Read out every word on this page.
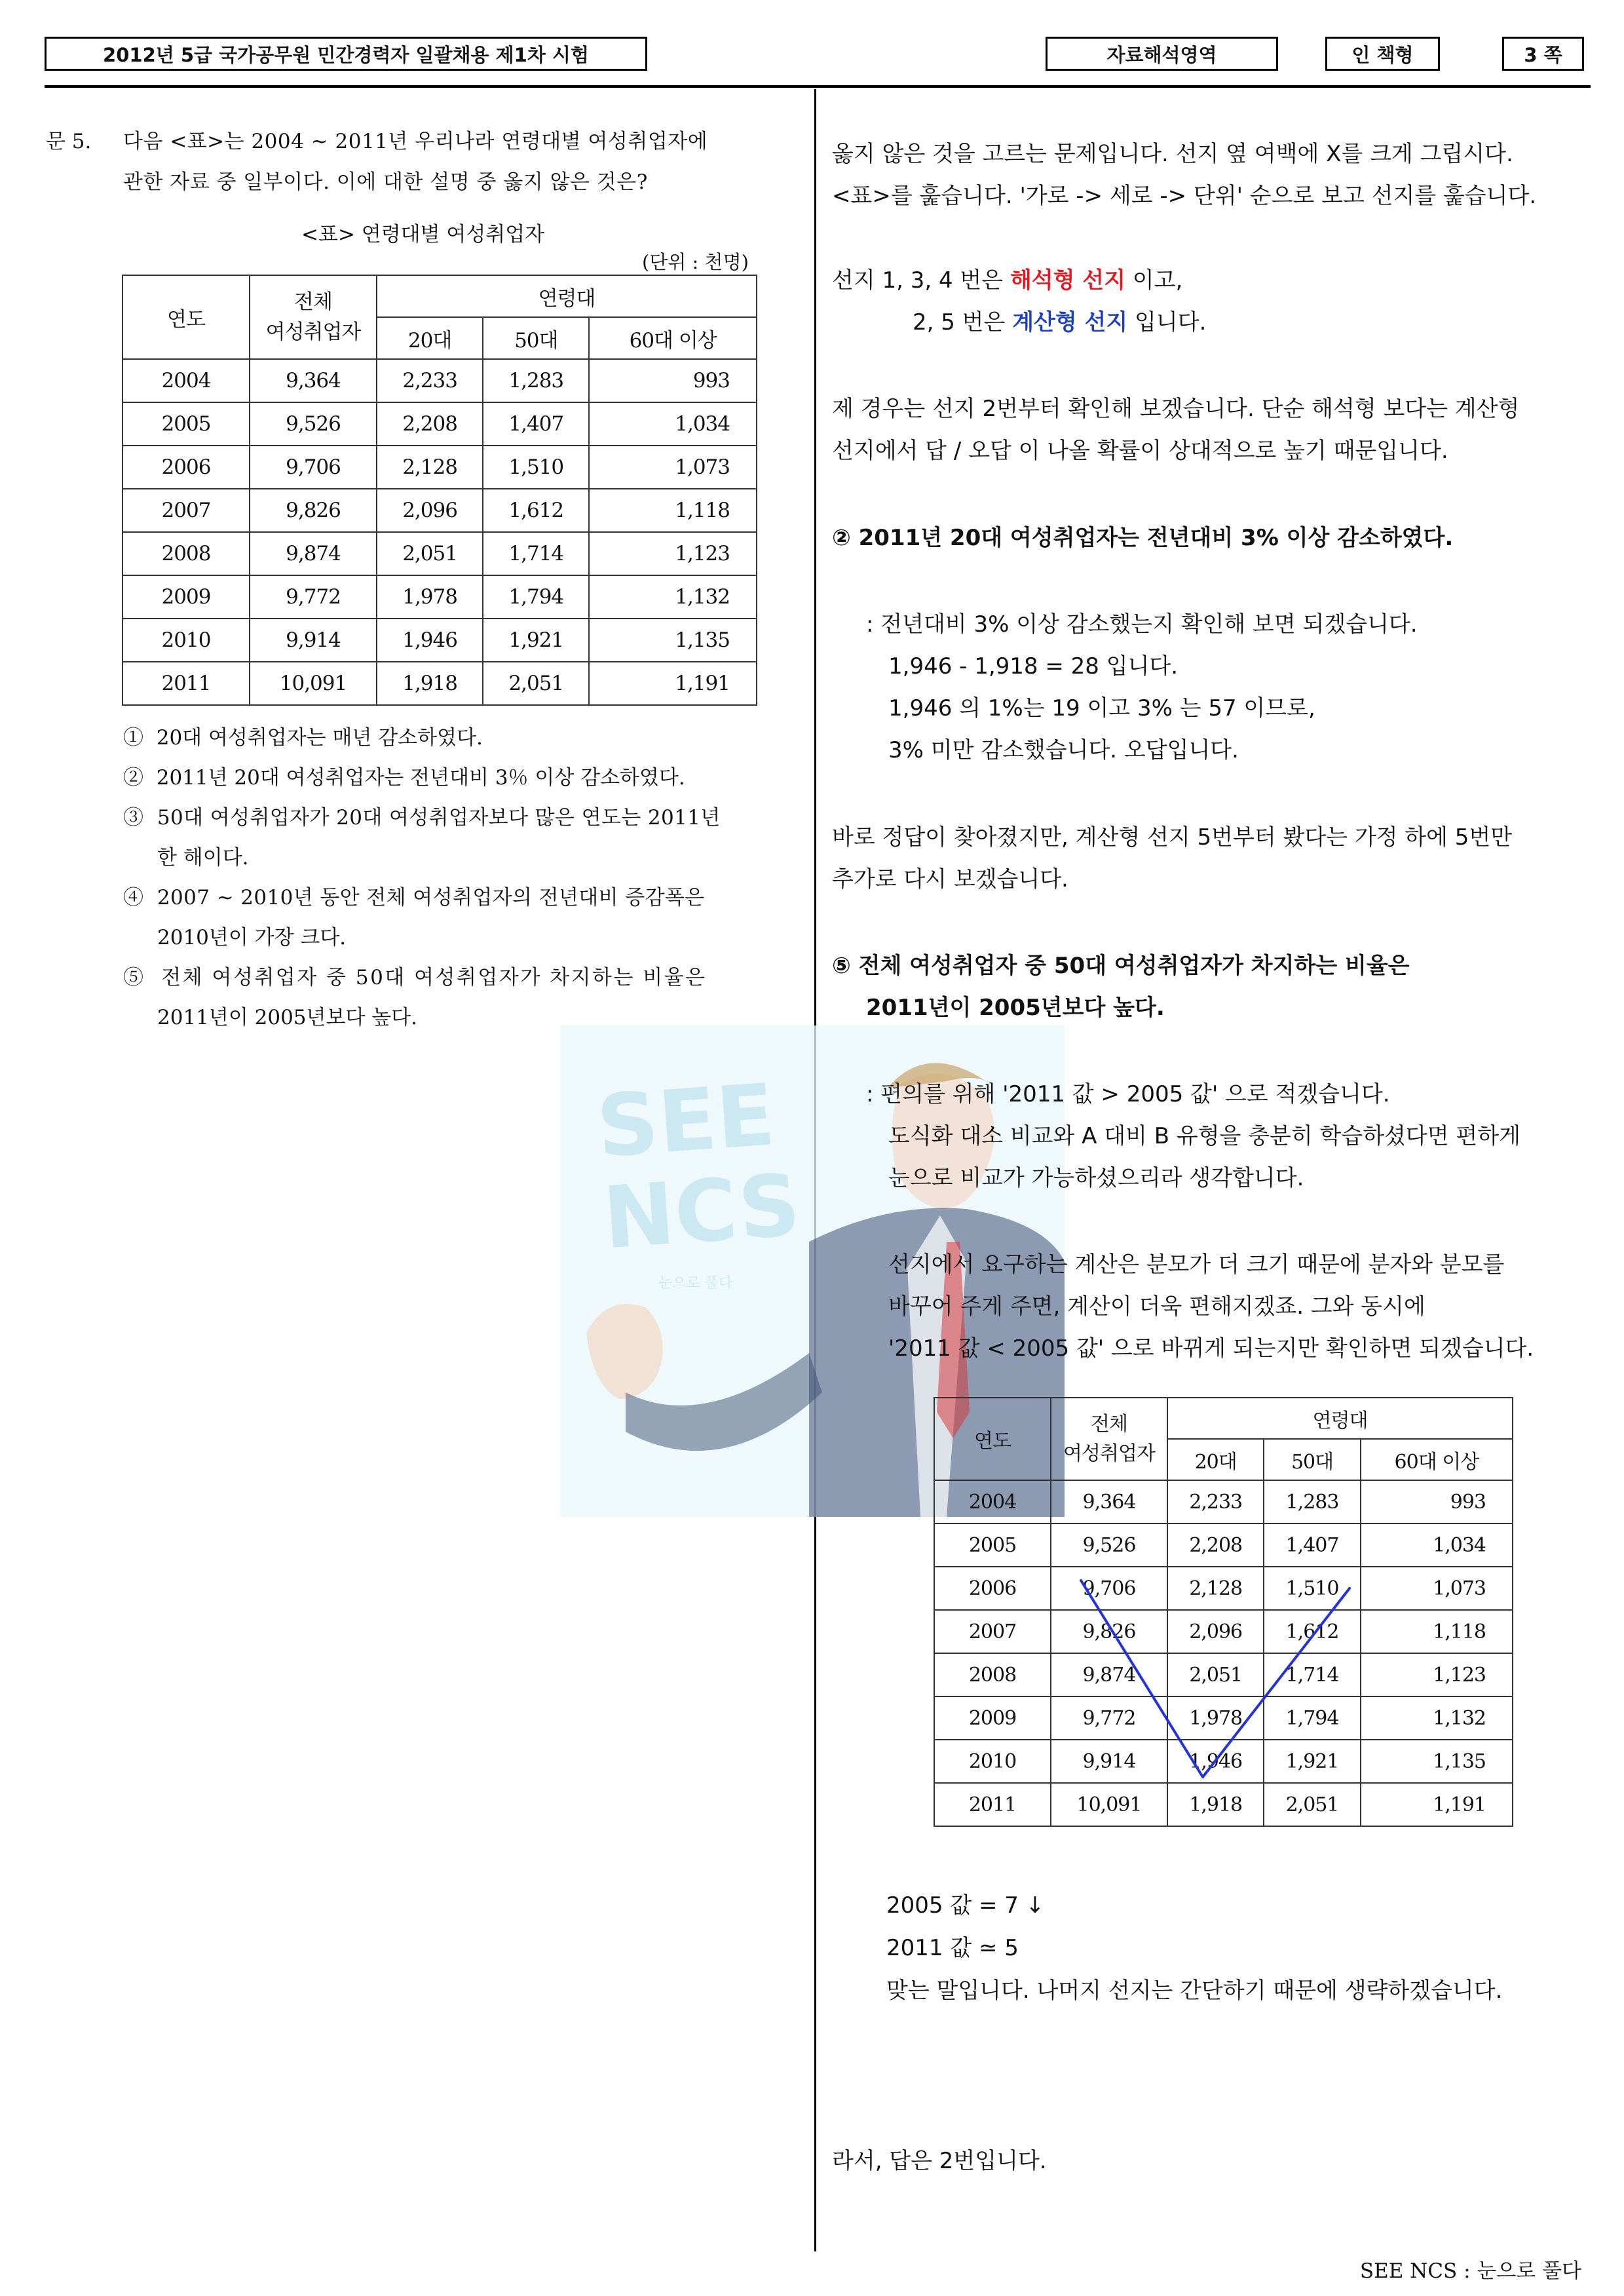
2012년 5급 국가공무원 민간경력자 일괄채용 제1차 시험	자료해석영역	인 책형	3 쪽
SEE
NCS
눈으로 풀다
문 5. 다음 <표>는 2004 ~ 2011년 우리나라 연령대별 여성취업자에
관한 자료 중 일부이다. 이에 대한 설명 중 옳지 않은 것은?
<표> 연령대별 여성취업자
(단위 : 천명)
연도	전체
여성취업자	연령대		
		20대	50대	60대 이상
2004	9,364	2,233	1,283	993
2005	9,526	2,208	1,407	1,034
2006	9,706	2,128	1,510	1,073
2007	9,826	2,096	1,612	1,118
2008	9,874	2,051	1,714	1,123
2009	9,772	1,978	1,794	1,132
2010	9,914	1,946	1,921	1,135
2011	10,091	1,918	2,051	1,191
① 20대 여성취업자는 매년 감소하였다.
② 2011년 20대 여성취업자는 전년대비 3％ 이상 감소하였다.
③ 50대 여성취업자가 20대 여성취업자보다 많은 연도는 2011년
한 해이다.
④ 2007 ~ 2010년 동안 전체 여성취업자의 전년대비 증감폭은
2010년이 가장 크다.
⑤ 전체 여성취업자 중 50대 여성취업자가 차지하는 비율은
2011년이 2005년보다 높다.
옳지 않은 것을 고르는 문제입니다. 선지 옆 여백에 X를 크게 그립시다.
<표>를 훑습니다. '가로 -> 세로 -> 단위' 순으로 보고 선지를 훑습니다.
선지 1, 3, 4 번은 해석형 선지 이고,
2, 5 번은 계산형 선지 입니다.
제 경우는 선지 2번부터 확인해 보겠습니다. 단순 해석형 보다는 계산형
선지에서 답 / 오답 이 나올 확률이 상대적으로 높기 때문입니다.
② 2011년 20대 여성취업자는 전년대비 3% 이상 감소하였다.
: 전년대비 3% 이상 감소했는지 확인해 보면 되겠습니다.
1,946 - 1,918 = 28 입니다.
1,946 의 1%는 19 이고 3% 는 57 이므로,
3% 미만 감소했습니다. 오답입니다.
바로 정답이 찾아졌지만, 계산형 선지 5번부터 봤다는 가정 하에 5번만
추가로 다시 보겠습니다.
⑤ 전체 여성취업자 중 50대 여성취업자가 차지하는 비율은
2011년이 2005년보다 높다.
: 편의를 위해 '2011 값 > 2005 값' 으로 적겠습니다.
도식화 대소 비교와 A 대비 B 유형을 충분히 학습하셨다면 편하게
눈으로 비교가 가능하셨으리라 생각합니다.
선지에서 요구하는 계산은 분모가 더 크기 때문에 분자와 분모를
바꾸어 주게 주면, 계산이 더욱 편해지겠죠. 그와 동시에
'2011 값 < 2005 값' 으로 바뀌게 되는지만 확인하면 되겠습니다.
연도	전체
여성취업자	연령대		
		20대	50대	60대 이상
2004	9,364	2,233	1,283	993
2005	9,526	2,208	1,407	1,034
2006	9,706	2,128	1,510	1,073
2007	9,826	2,096	1,612	1,118
2008	9,874	2,051	1,714	1,123
2009	9,772	1,978	1,794	1,132
2010	9,914	1,946	1,921	1,135
2011	10,091	1,918	2,051	1,191
2005 값 = 7 ↓
2011 값 ≃ 5
맞는 말입니다. 나머지 선지는 간단하기 때문에 생략하겠습니다.
라서, 답은 2번입니다.
SEE NCS : 눈으로 풀다
